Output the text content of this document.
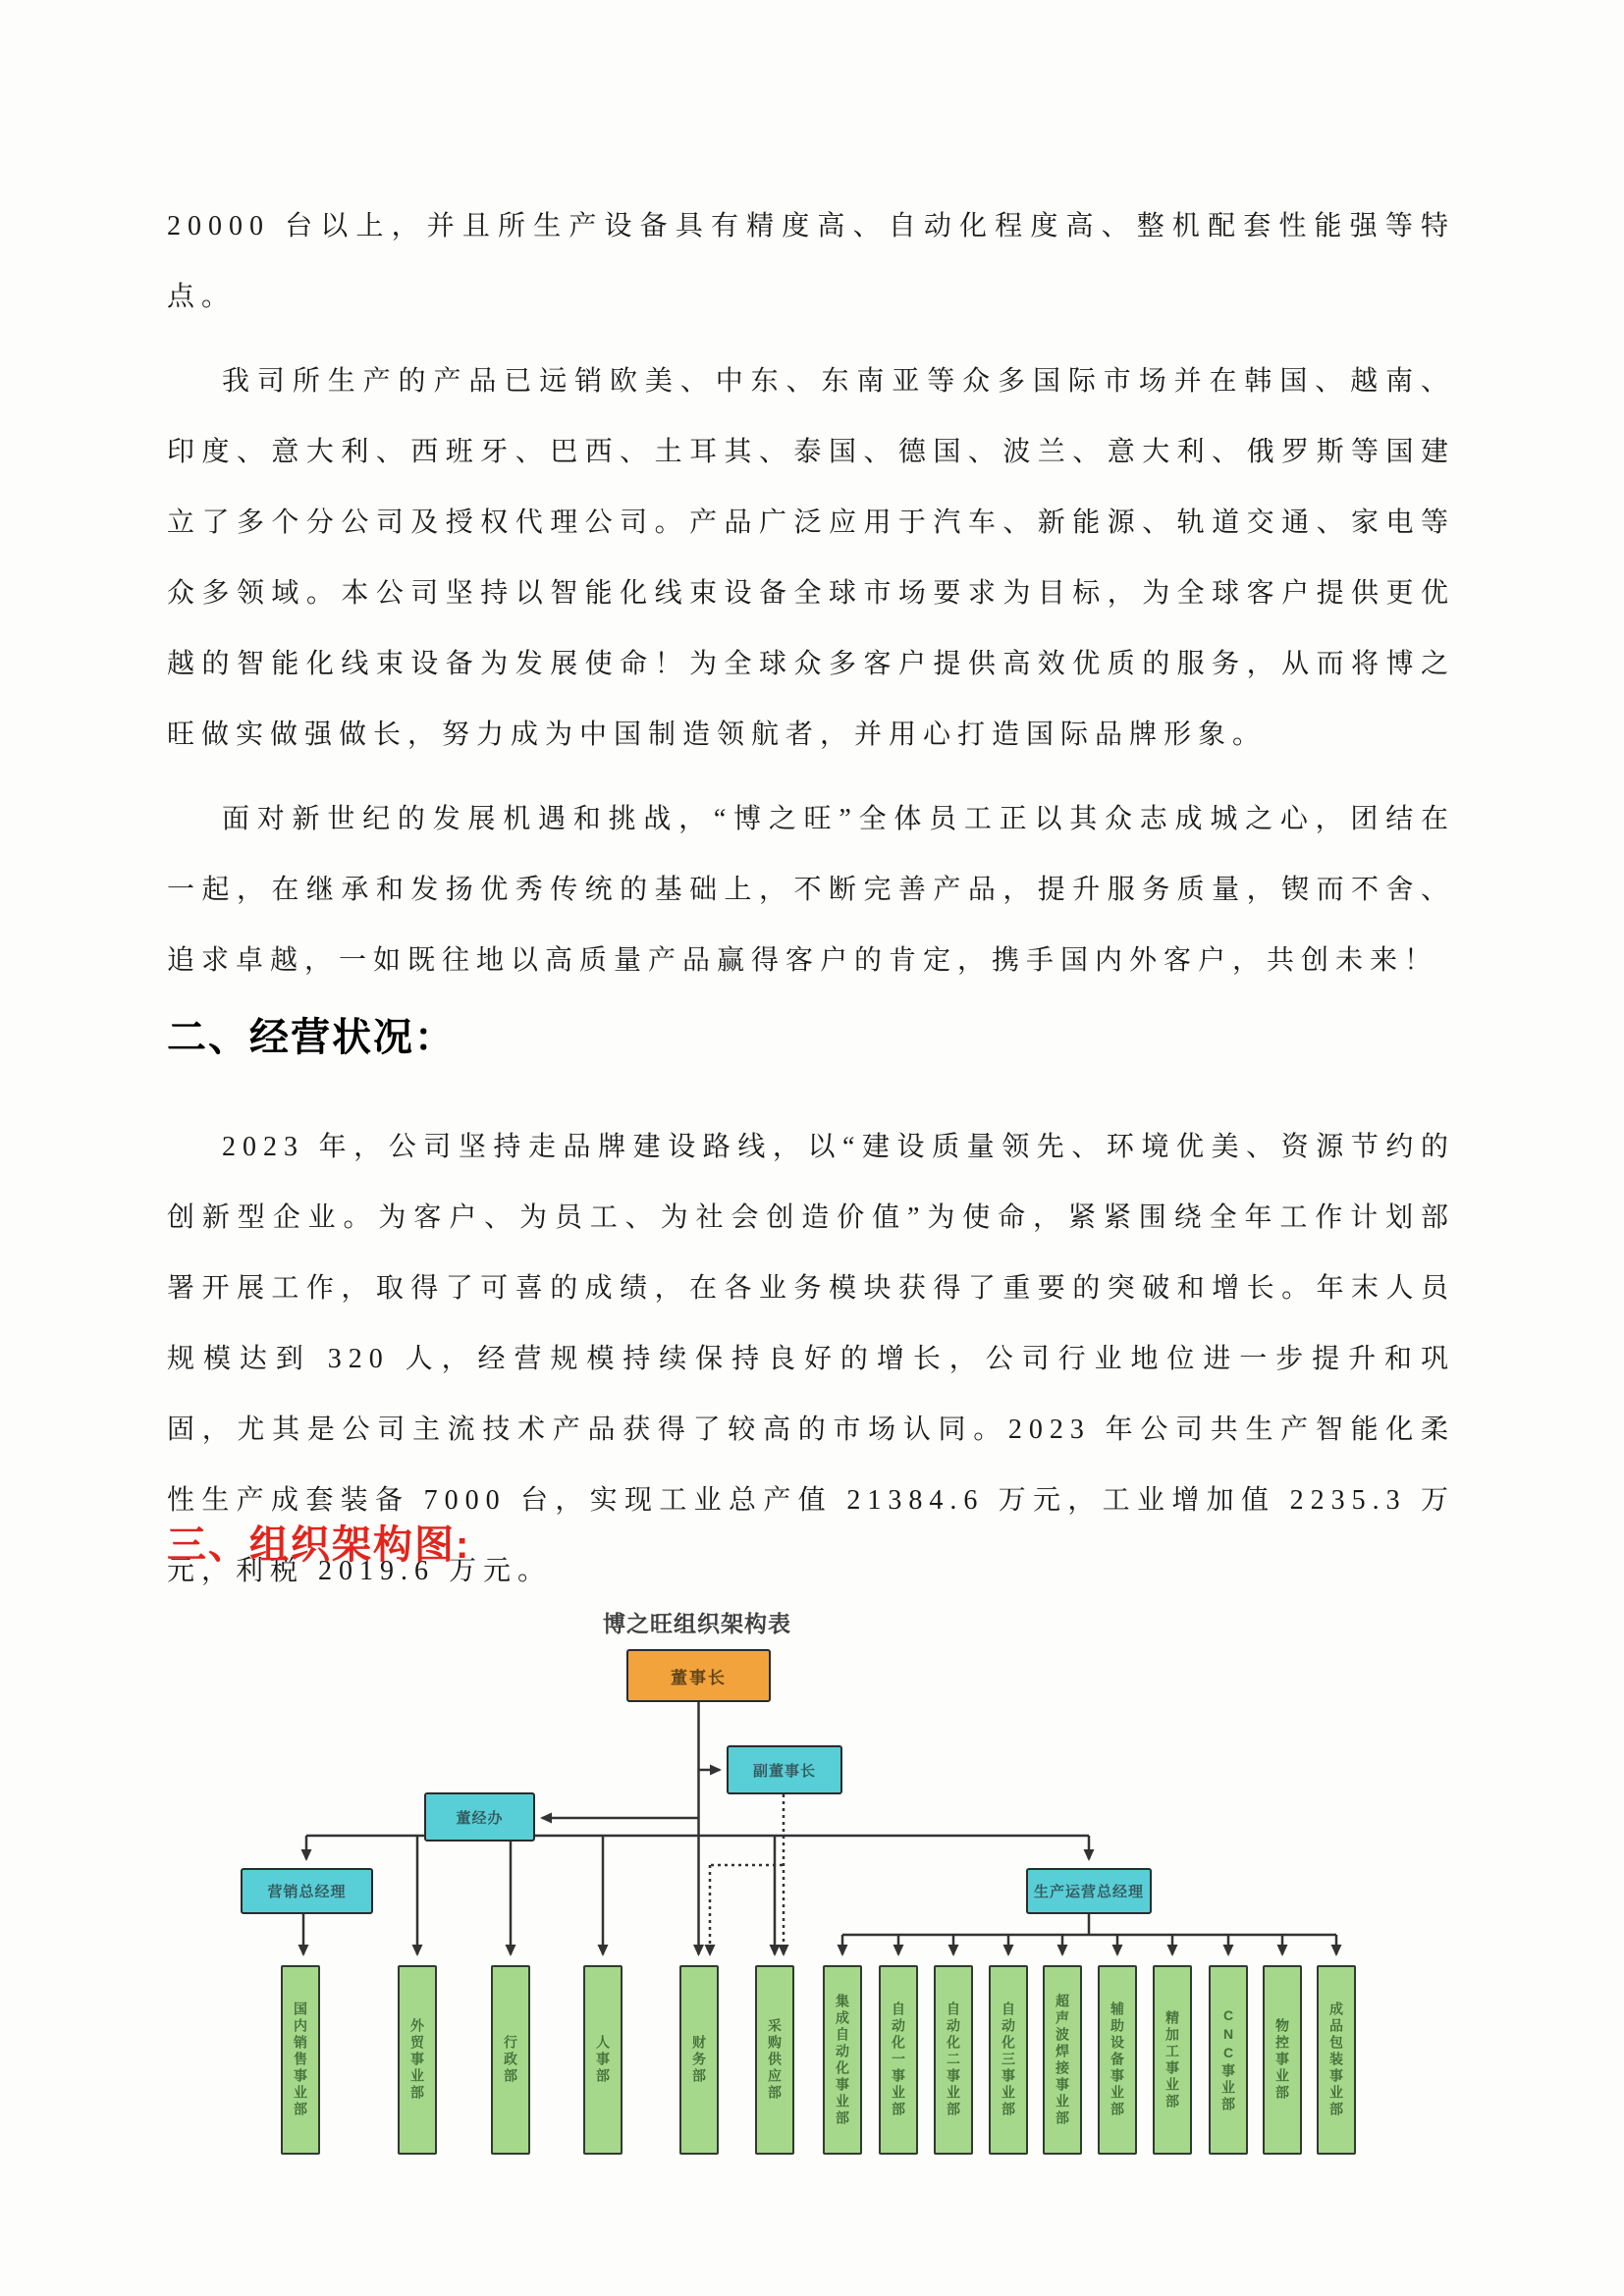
20000 台以上，并且所生产设备具有精度高、自动化程度高、整机配套性能强等特点。

我司所生产的产品已远销欧美、中东、东南亚等众多国际市场并在韩国、越南、印度、意大利、西班牙、巴西、土耳其、泰国、德国、波兰、意大利、俄罗斯等国建立了多个分公司及授权代理公司。产品广泛应用于汽车、新能源、轨道交通、家电等众多领域。本公司坚持以智能化线束设备全球市场要求为目标，为全球客户提供更优越的智能化线束设备为发展使命！为全球众多客户提供高效优质的服务，从而将博之旺做实做强做长，努力成为中国制造领航者，并用心打造国际品牌形象。

面对新世纪的发展机遇和挑战，“博之旺”全体员工正以其众志成城之心，团结在一起，在继承和发扬优秀传统的基础上，不断完善产品，提升服务质量，锲而不舍、追求卓越，一如既往地以高质量产品赢得客户的肯定，携手国内外客户，共创未来！

二、经营状况：

2023 年，公司坚持走品牌建设路线，以“建设质量领先、环境优美、资源节约的创新型企业。为客户、为员工、为社会创造价值”为使命，紧紧围绕全年工作计划部署开展工作，取得了可喜的成绩，在各业务模块获得了重要的突破和增长。年末人员规模达到 320 人，经营规模持续保持良好的增长，公司行业地位进一步提升和巩固，尤其是公司主流技术产品获得了较高的市场认同。2023 年公司共生产智能化柔性生产成套装备 7000 台，实现工业总产值 21384.6 万元，工业增加值 2235.3 万元，利税 2019.6 万元。

三、组织架构图:
博之旺组织架构表
董事长
副董事长
董经办
营销总经理	生产运营总经理
国内销售事业部	外贸事业部	行政部	人事部	财务部	采购供应部	集成自动化事业部	自动化一事业部	自动化二事业部	自动化三事业部	超声波焊接事业部	辅助设备事业部	精加工事业部	CNC事业部	物控事业部	成品包装事业部
